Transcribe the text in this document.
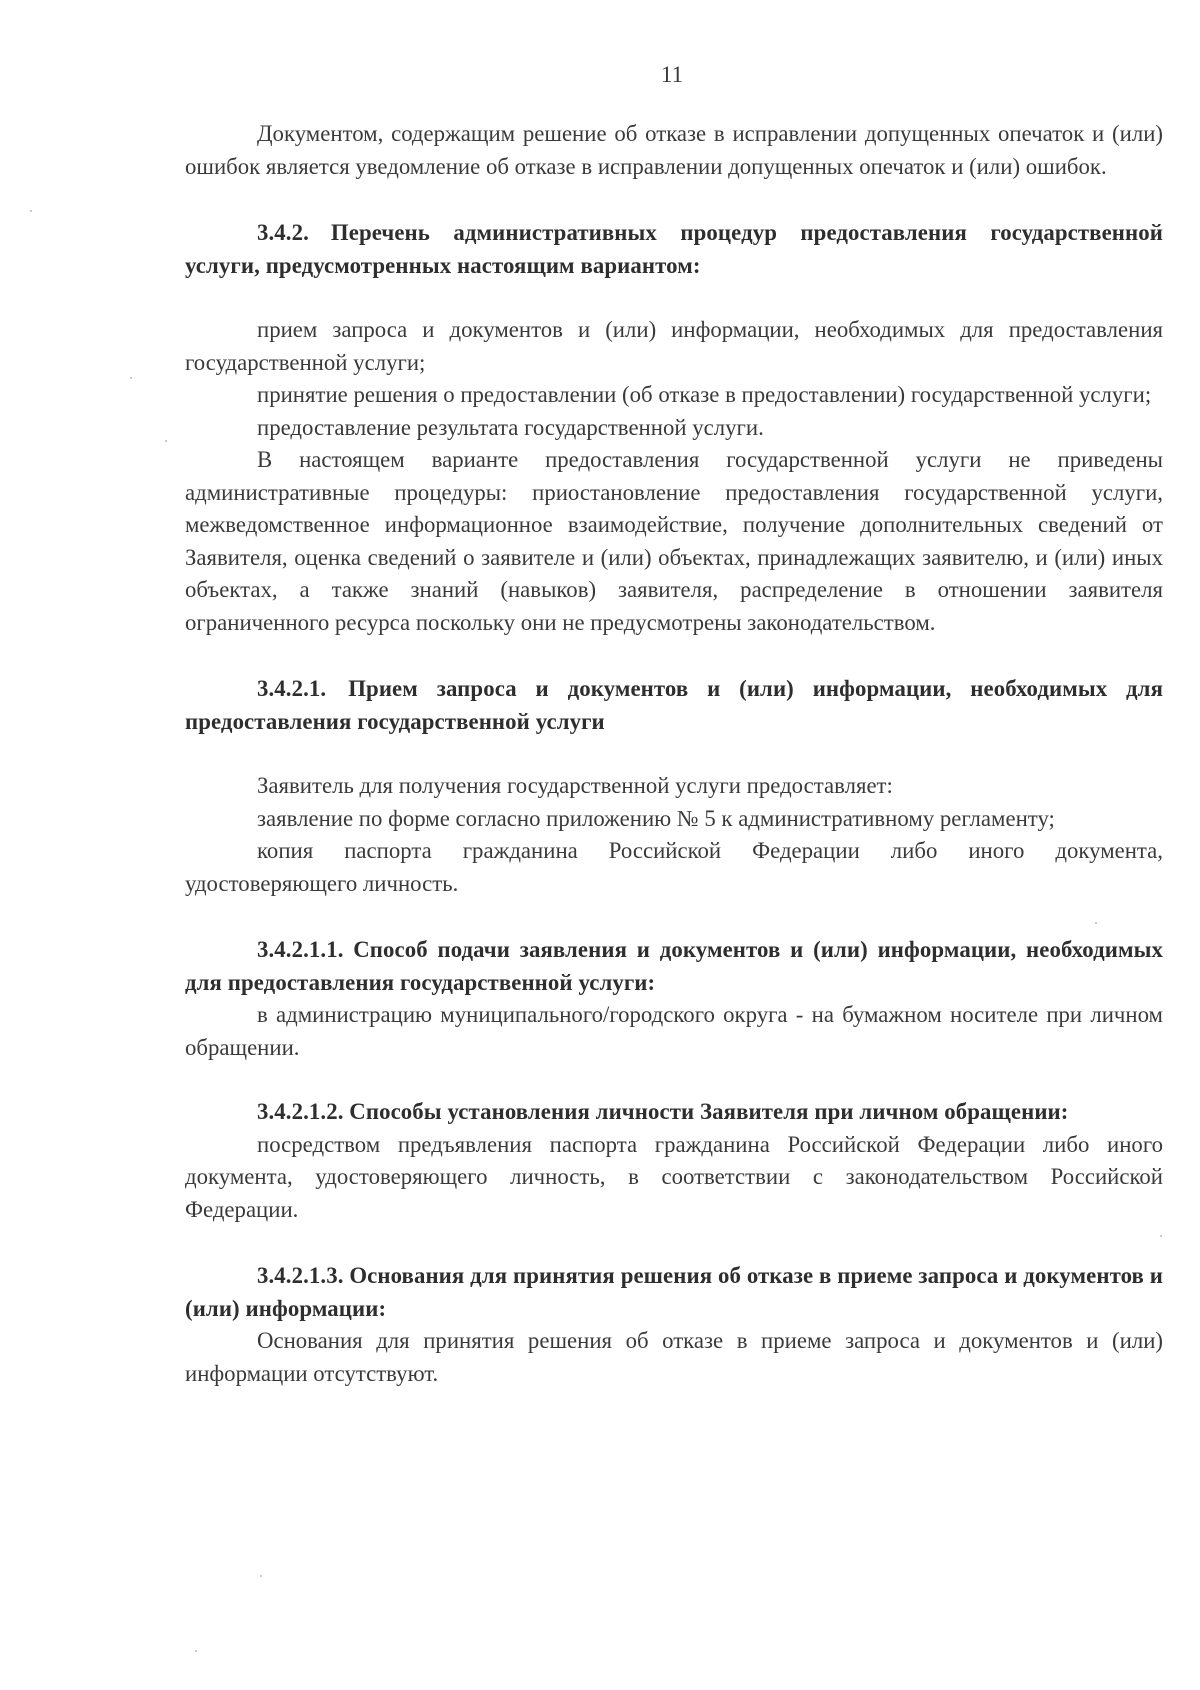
11

Документом, содержащим решение об отказе в исправлении допущенных опечаток и (или) ошибок является уведомление об отказе в исправлении допущенных опечаток и (или) ошибок.

3.4.2. Перечень административных процедур предоставления государственной услуги, предусмотренных настоящим вариантом:

прием запроса и документов и (или) информации, необходимых для предоставления государственной услуги;

принятие решения о предоставлении (об отказе в предоставлении) государственной услуги;

предоставление результата государственной услуги.

В настоящем варианте предоставления государственной услуги не приведены административные процедуры: приостановление предоставления государственной услуги, межведомственное информационное взаимодействие, получение дополнительных сведений от Заявителя, оценка сведений о заявителе и (или) объектах, принадлежащих заявителю, и (или) иных объектах, а также знаний (навыков) заявителя, распределение в отношении заявителя ограниченного ресурса поскольку они не предусмотрены законодательством.

3.4.2.1. Прием запроса и документов и (или) информации, необходимых для предоставления государственной услуги

Заявитель для получения государственной услуги предоставляет:

заявление по форме согласно приложению № 5 к административному регламенту;

копия паспорта гражданина Российской Федерации либо иного документа, удостоверяющего личность.

3.4.2.1.1. Способ подачи заявления и документов и (или) информации, необходимых для предоставления государственной услуги:

в администрацию муниципального/городского округа - на бумажном носителе при личном обращении.

3.4.2.1.2. Способы установления личности Заявителя при личном обращении:

посредством предъявления паспорта гражданина Российской Федерации либо иного документа, удостоверяющего личность, в соответствии с законодательством Российской Федерации.

3.4.2.1.3. Основания для принятия решения об отказе в приеме запроса и документов и (или) информации:

Основания для принятия решения об отказе в приеме запроса и документов и (или) информации отсутствуют.
